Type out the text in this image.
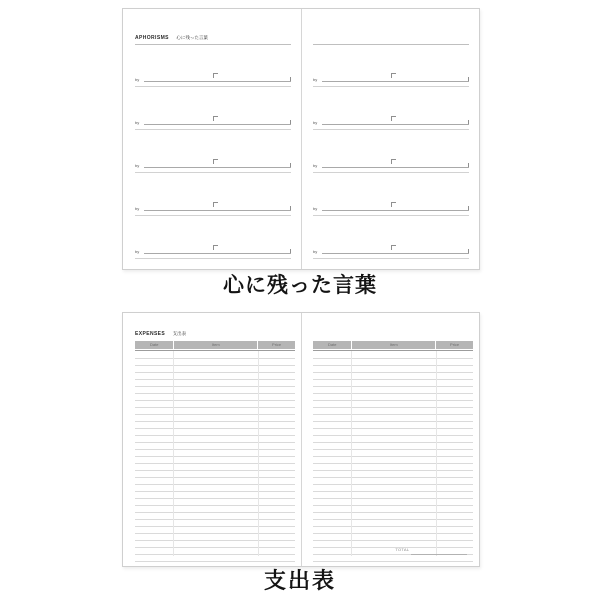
APHORISMS 心に残った言葉
by
by
by
by
by
by
by
by
by
by
心に残った言葉
EXPENSES 支出表
Date	Item	Price	Date	Item	Price
TOTAL
支出表
